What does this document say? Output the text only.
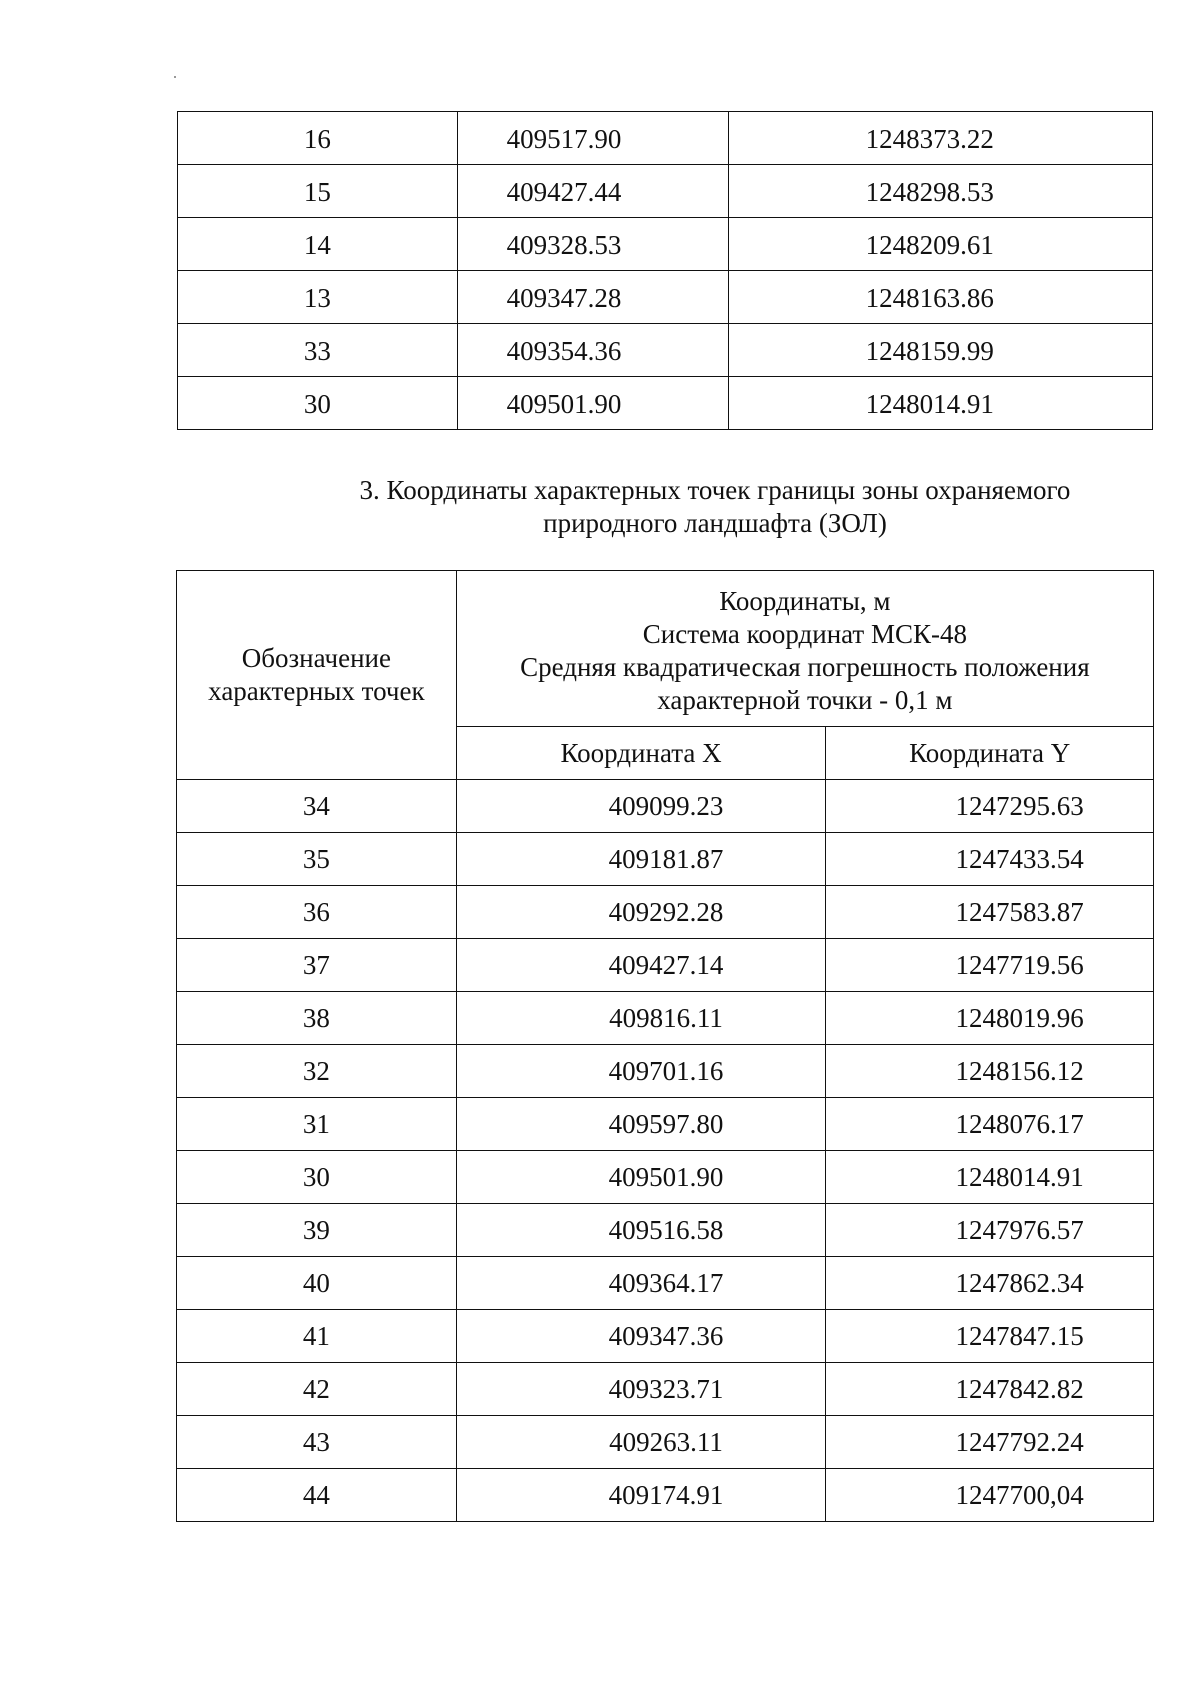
16	409517.90	1248373.22
15	409427.44	1248298.53
14	409328.53	1248209.61
13	409347.28	1248163.86
33	409354.36	1248159.99
30	409501.90	1248014.91
3. Координаты характерных точек границы зоны охраняемого
природного ландшафта (ЗОЛ)
Обозначение
характерных точек	Координаты, м
Система координат МСК-48
Средняя квадратическая погрешность положения
характерной точки - 0,1 м	

	Координата X	Координата Y
34	409099.23	1247295.63
35	409181.87	1247433.54
36	409292.28	1247583.87
37	409427.14	1247719.56
38	409816.11	1248019.96
32	409701.16	1248156.12
31	409597.80	1248076.17
30	409501.90	1248014.91
39	409516.58	1247976.57
40	409364.17	1247862.34
41	409347.36	1247847.15
42	409323.71	1247842.82
43	409263.11	1247792.24
44	409174.91	1247700,04
